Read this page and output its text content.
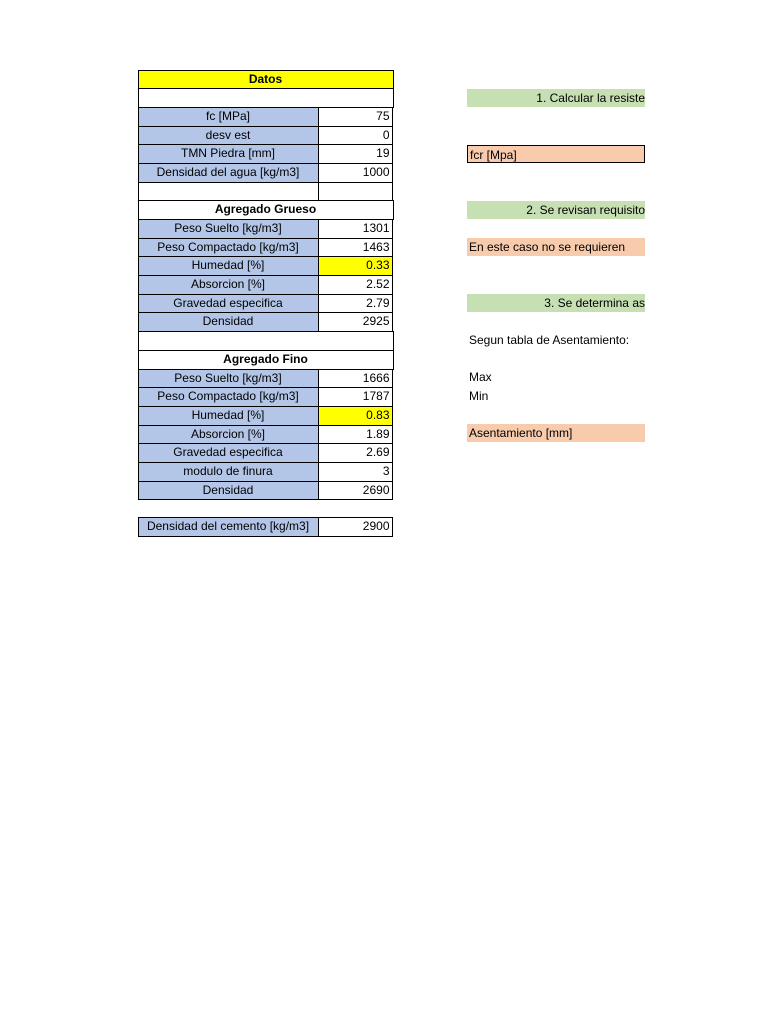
Datos
fc [MPa]	75
desv est	0
TMN Piedra [mm]	19
Densidad del agua [kg/m3]	1000
Agregado Grueso
Peso Suelto [kg/m3]	1301
Peso Compactado [kg/m3]	1463
Humedad [%]	0.33
Absorcion [%]	2.52
Gravedad especifica	2.79
Densidad	2925
Agregado Fino
Peso Suelto [kg/m3]	1666
Peso Compactado [kg/m3]	1787
Humedad [%]	0.83
Absorcion [%]	1.89
Gravedad especifica	2.69
modulo de finura	3
Densidad	2690
Densidad del cemento [kg/m3]	2900
1. Calcular la resiste
fcr [Mpa]
2. Se revisan requisito
En este caso no se requieren
3. Se determina as
Segun tabla de Asentamiento:
Max
Min
Asentamiento [mm]
